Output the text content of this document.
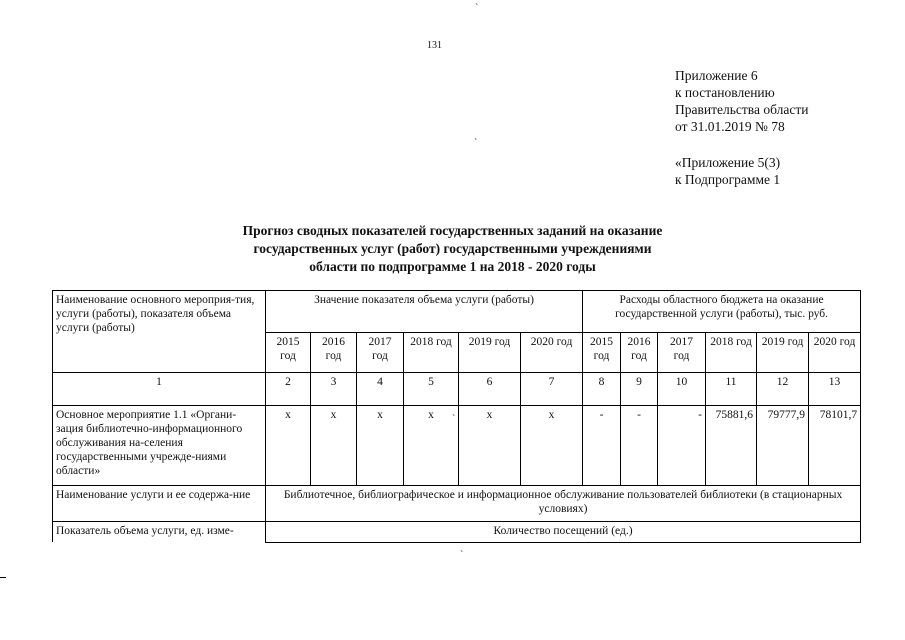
131
Приложение 6
к постановлению
Правительства области
от 31.01.2019 № 78
«Приложение 5(3)
к Подпрограмме 1
Прогноз сводных показателей государственных заданий на оказание
государственных услуг (работ) государственными учреждениями
области по подпрограмме 1 на 2018 - 2020 годы
ˋ
ˋ
ˋ
Наименование основного мероприя-тия, услуги (работы), показателя объема услуги (работы)	Значение показателя объема услуги (работы)						Расходы областного бюджета на оказание государственной услуги (работы), тыс. руб.					
	2015 год	2016 год	2017 год	2018 год	2019 год	2020 год	2015 год	2016 год	2017 год	2018 год	2019 год	2020 год
1	2	3	4	5	6	7	8	9	10	11	12	13
Основное мероприятие 1.1 «Органи-зация библиотечно-информационного обслуживания на-селения государственными учрежде-ниями области»	х	х	х	х	х	х	-	-	-	75881,6	79777,9	78101,7
Наименование услуги и ее содержа-ние	Библиотечное, библиографическое и информационное обслуживание пользователей библиотеки (в стационарных условиях)											
Показатель объема услуги, ед. изме-	Количество посещений (ед.)											
ˋ
